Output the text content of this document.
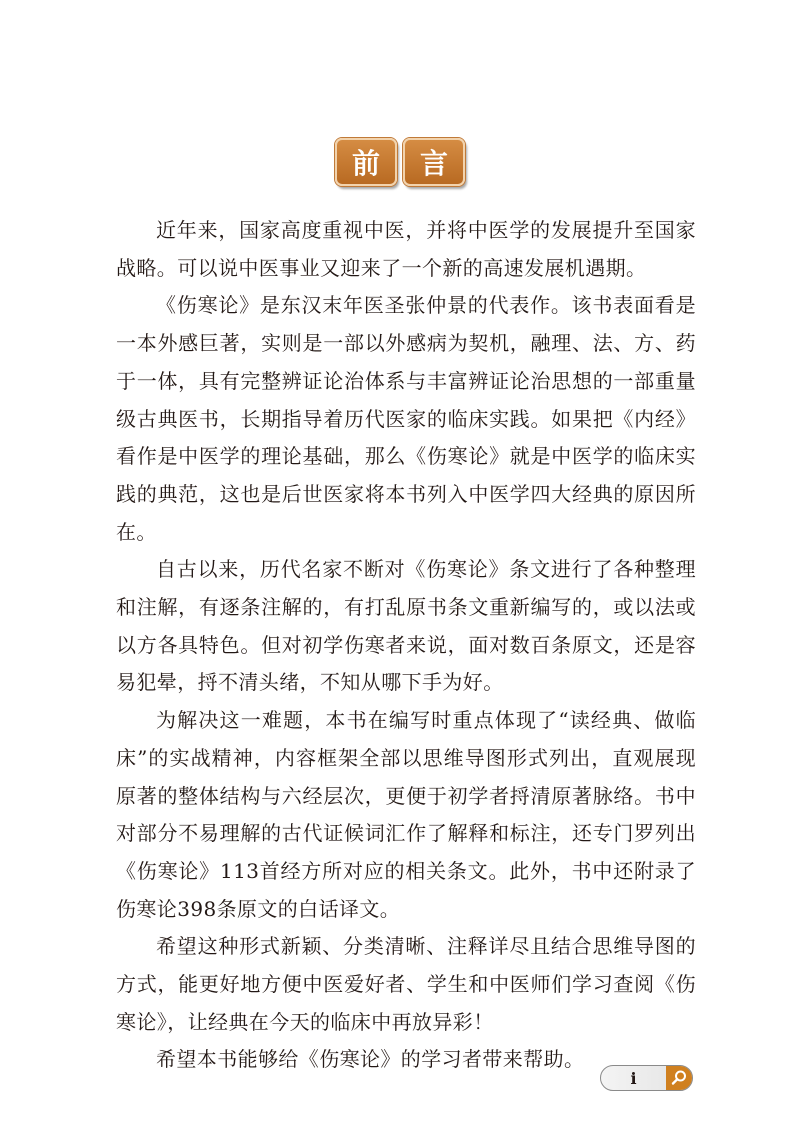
前	言

近年来，国家高度重视中医，并将中医学的发展提升至国家战略。可以说中医事业又迎来了一个新的高速发展机遇期。

《伤寒论》是东汉末年医圣张仲景的代表作。该书表面看是一本外感巨著，实则是一部以外感病为契机，融理、法、方、药于一体，具有完整辨证论治体系与丰富辨证论治思想的一部重量级古典医书，长期指导着历代医家的临床实践。如果把《内经》看作是中医学的理论基础，那么《伤寒论》就是中医学的临床实践的典范，这也是后世医家将本书列入中医学四大经典的原因所在。

自古以来，历代名家不断对《伤寒论》条文进行了各种整理和注解，有逐条注解的，有打乱原书条文重新编写的，或以法或以方各具特色。但对初学伤寒者来说，面对数百条原文，还是容易犯晕，捋不清头绪，不知从哪下手为好。

为解决这一难题，本书在编写时重点体现了“读经典、做临床”的实战精神，内容框架全部以思维导图形式列出，直观展现原著的整体结构与六经层次，更便于初学者捋清原著脉络。书中对部分不易理解的古代证候词汇作了解释和标注，还专门罗列出《伤寒论》113首经方所对应的相关条文。此外，书中还附录了伤寒论398条原文的白话译文。

希望这种形式新颖、分类清晰、注释详尽且结合思维导图的方式，能更好地方便中医爱好者、学生和中医师们学习查阅《伤寒论》，让经典在今天的临床中再放异彩！

希望本书能够给《伤寒论》的学习者带来帮助。

i
